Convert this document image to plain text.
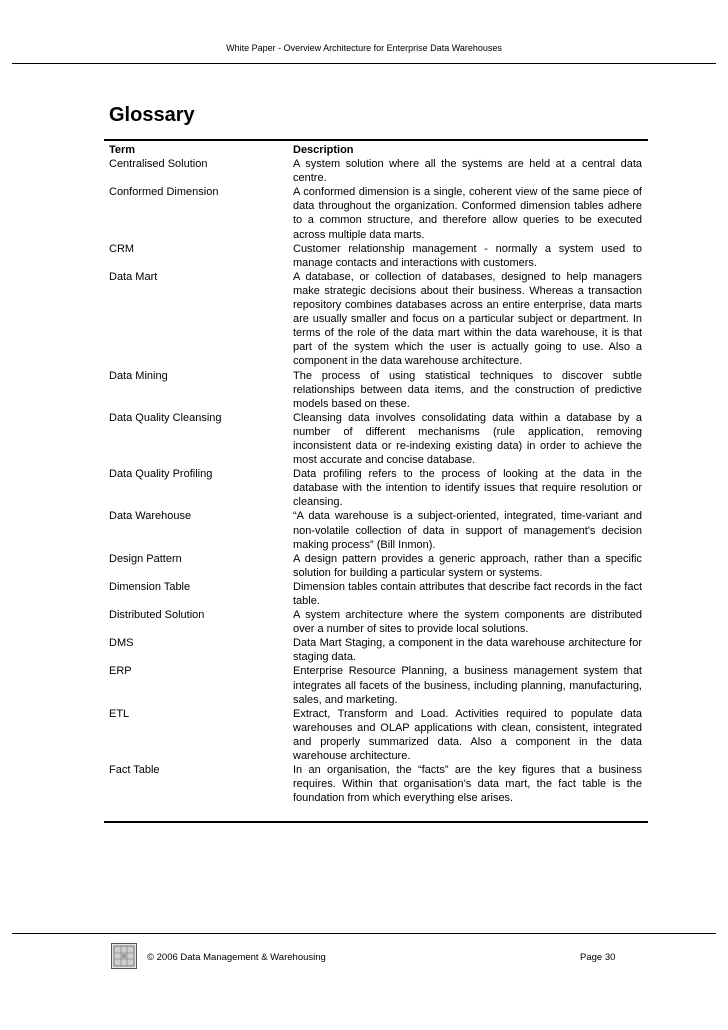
White Paper - Overview Architecture for Enterprise Data Warehouses
Glossary
Term	Description
Centralised Solution	A system solution where all the systems are held at a central data centre.
Conformed Dimension	A conformed dimension is a single, coherent view of the same piece of data throughout the organization. Conformed dimension tables adhere to a common structure, and therefore allow queries to be executed across multiple data marts.
CRM	Customer relationship management - normally a system used to manage contacts and interactions with customers.
Data Mart	A database, or collection of databases, designed to help managers make strategic decisions about their business. Whereas a transaction repository combines databases across an entire enterprise, data marts are usually smaller and focus on a particular subject or department. In terms of the role of the data mart within the data warehouse, it is that part of the system which the user is actually going to use. Also a component in the data warehouse architecture.
Data Mining	The process of using statistical techniques to discover subtle relationships between data items, and the construction of predictive models based on these.
Data Quality Cleansing	Cleansing data involves consolidating data within a database by a number of different mechanisms (rule application, removing inconsistent data or re-indexing existing data) in order to achieve the most accurate and concise database.
Data Quality Profiling	Data profiling refers to the process of looking at the data in the database with the intention to identify issues that require resolution or cleansing.
Data Warehouse	“A data warehouse is a subject-oriented, integrated, time-variant and non-volatile collection of data in support of management's decision making process” (Bill Inmon).
Design Pattern	A design pattern provides a generic approach, rather than a specific solution for building a particular system or systems.
Dimension Table	Dimension tables contain attributes that describe fact records in the fact table.
Distributed Solution	A system architecture where the system components are distributed over a number of sites to provide local solutions.
DMS	Data Mart Staging, a component in the data warehouse architecture for staging data.
ERP	Enterprise Resource Planning, a business management system that integrates all facets of the business, including planning, manufacturing, sales, and marketing.
ETL	Extract, Transform and Load. Activities required to populate data warehouses and OLAP applications with clean, consistent, integrated and properly summarized data. Also a component in the data warehouse architecture.
Fact Table	In an organisation, the “facts” are the key figures that a business requires. Within that organisation’s data mart, the fact table is the foundation from which everything else arises.
© 2006 Data Management & Warehousing	Page 30
